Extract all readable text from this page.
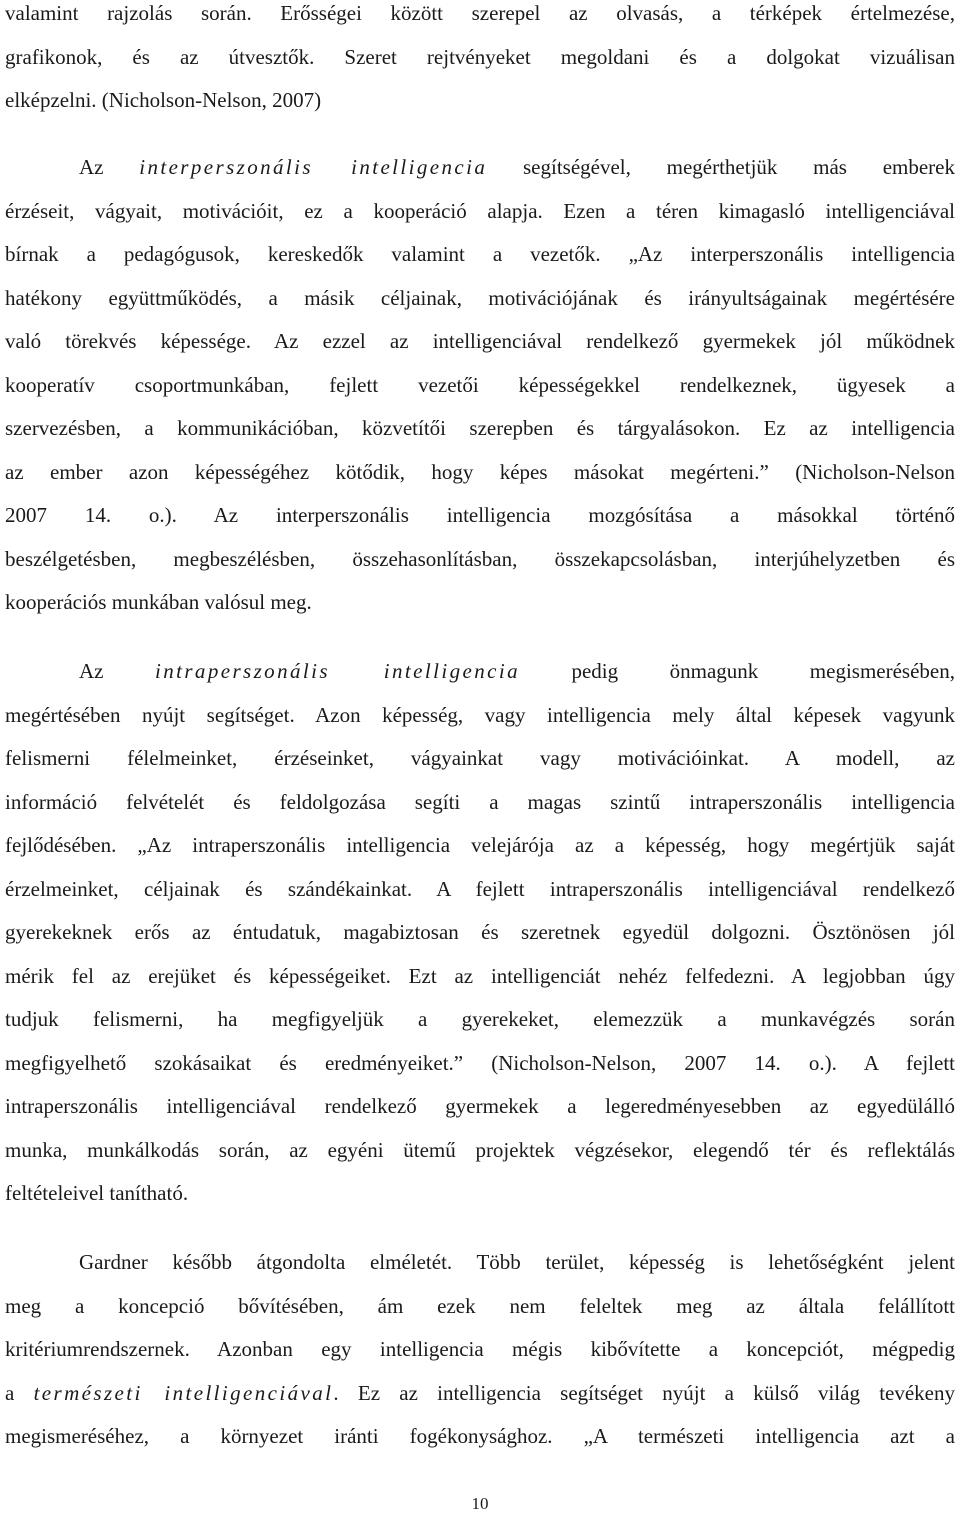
valamint rajzolás során. Erősségei között szerepel az olvasás, a térképek értelmezése,
grafikonok, és az útvesztők. Szeret rejtvényeket megoldani és a dolgokat vizuálisan
elképzelni. (Nicholson-Nelson, 2007)
Az interperszonális intelligencia segítségével, megérthetjük más emberek
érzéseit, vágyait, motivációit, ez a kooperáció alapja. Ezen a téren kimagasló intelligenciával
bírnak a pedagógusok, kereskedők valamint a vezetők. „Az interperszonális intelligencia
hatékony együttműködés, a másik céljainak, motivációjának és irányultságainak megértésére
való törekvés képessége. Az ezzel az intelligenciával rendelkező gyermekek jól működnek
kooperatív csoportmunkában, fejlett vezetői képességekkel rendelkeznek, ügyesek a
szervezésben, a kommunikációban, közvetítői szerepben és tárgyalásokon. Ez az intelligencia
az ember azon képességéhez kötődik, hogy képes másokat megérteni.” (Nicholson-Nelson
2007 14. o.). Az interperszonális intelligencia mozgósítása a másokkal történő
beszélgetésben, megbeszélésben, összehasonlításban, összekapcsolásban, interjúhelyzetben és
kooperációs munkában valósul meg.
Az intraperszonális intelligencia pedig önmagunk megismerésében,
megértésében nyújt segítséget. Azon képesség, vagy intelligencia mely által képesek vagyunk
felismerni félelmeinket, érzéseinket, vágyainkat vagy motivációinkat. A modell, az
információ felvételét és feldolgozása segíti a magas szintű intraperszonális intelligencia
fejlődésében. „Az intraperszonális intelligencia velejárója az a képesség, hogy megértjük saját
érzelmeinket, céljainak és szándékainkat. A fejlett intraperszonális intelligenciával rendelkező
gyerekeknek erős az éntudatuk, magabiztosan és szeretnek egyedül dolgozni. Ösztönösen jól
mérik fel az erejüket és képességeiket. Ezt az intelligenciát nehéz felfedezni. A legjobban úgy
tudjuk felismerni, ha megfigyeljük a gyerekeket, elemezzük a munkavégzés során
megfigyelhető szokásaikat és eredményeiket.” (Nicholson-Nelson, 2007 14. o.). A fejlett
intraperszonális intelligenciával rendelkező gyermekek a legeredményesebben az egyedülálló
munka, munkálkodás során, az egyéni ütemű projektek végzésekor, elegendő tér és reflektálás
feltételeivel tanítható.
Gardner később átgondolta elméletét. Több terület, képesség is lehetőségként jelent
meg a koncepció bővítésében, ám ezek nem feleltek meg az általa felállított
kritériumrendszernek. Azonban egy intelligencia mégis kibővítette a koncepciót, mégpedig
a természeti intelligenciával. Ez az intelligencia segítséget nyújt a külső világ tevékeny
megismeréséhez, a környezet iránti fogékonysághoz. „A természeti intelligencia azt a
10
